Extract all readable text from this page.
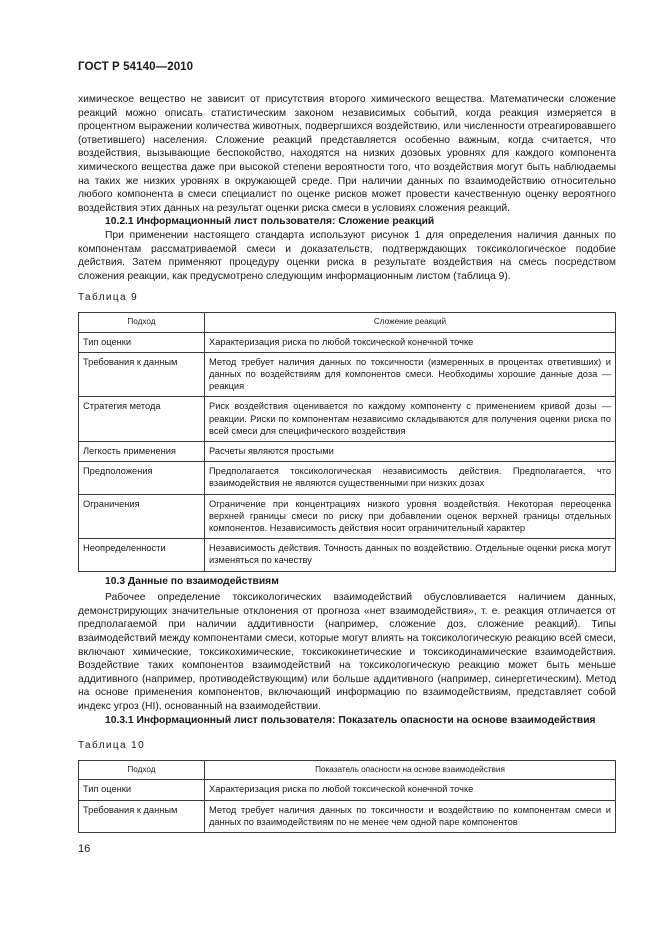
ГОСТ Р 54140—2010

химическое вещество не зависит от присутствия второго химического вещества. Математически сложение реакций можно описать статистическим законом независимых событий, когда реакция измеряется в процентном выражении количества животных, подвергшихся воздействию, или численности отреагировавшего (ответившего) населения. Сложение реакций представляется особенно важным, когда считается, что воздействия, вызывающие беспокойство, находятся на низких дозовых уровнях для каждого компонента химического вещества даже при высокой степени вероятности того, что воздействия могут быть наблюдаемы на таких же низких уровнях в окружающей среде. При наличии данных по взаимодействию относительно любого компонента в смеси специалист по оценке рисков может провести качественную оценку вероятного воздействия этих данных на результат оценки риска смеси в условиях сложения реакций.

10.2.1 Информационный лист пользователя: Сложение реакций

При применении настоящего стандарта используют рисунок 1 для определения наличия данных по компонентам рассматриваемой смеси и доказательств, подтверждающих токсикологическое подобие действия. Затем применяют процедуру оценки риска в результате воздействия на смесь посредством сложения реакции, как предусмотрено следующим информационным листом (таблица 9).

Таблица 9
Подход	Сложение реакций
Тип оценки	Характеризация риска по любой токсической конечной точке
Требования к данным	Метод требует наличия данных по токсичности (измеренных в процентах ответивших) и данных по воздействиям для компонентов смеси. Необходимы хорошие данные доза — реакция
Стратегия метода	Риск воздействия оценивается по каждому компоненту с применением кривой дозы — реакции. Риски по компонентам независимо складываются для получения оценки риска по всей смеси для специфического воздействия
Легкость применения	Расчеты являются простыми
Предположения	Предполагается токсикологическая независимость действия. Предполагается, что взаимодействия не являются существенными при низких дозах
Ограничения	Ограничение при концентрациях низкого уровня воздействия. Некоторая переоценка верхней границы смеси по риску при добавлении оценок верхней границы отдельных компонентов. Независимость действия носит ограничительный характер
Неопределенности	Независимость действия. Точность данных по воздействию. Отдельные оценки риска могут изменяться по качеству

10.3 Данные по взаимодействиям

Рабочее определение токсикологических взаимодействий обусловливается наличием данных, демонстрирующих значительные отклонения от прогноза «нет взаимодействия», т. е. реакция отличается от предполагаемой при наличии аддитивности (например, сложение доз, сложение реакций). Типы взаимодействий между компонентами смеси, которые могут влиять на токсикологическую реакцию всей смеси, включают химические, токсикохимические, токсикокинетические и токсикодинамические взаимодействия. Воздействие таких компонентов взаимодействий на токсикологическую реакцию может быть меньше аддитивного (например, противодействующим) или больше аддитивного (например, синергетическим). Метод на основе применения компонентов, включающий информацию по взаимодействиям, представляет собой индекс угроз (HI), основанный на взаимодействии.

10.3.1 Информационный лист пользователя: Показатель опасности на основе взаимодействия

Таблица 10
Подход	Показатель опасности на основе взаимодействия
Тип оценки	Характеризация риска по любой токсической конечной точке
Требования к данным	Метод требует наличия данных по токсичности и воздействию по компонентам смеси и данных по взаимодействиям по не менее чем одной паре компонентов
16
